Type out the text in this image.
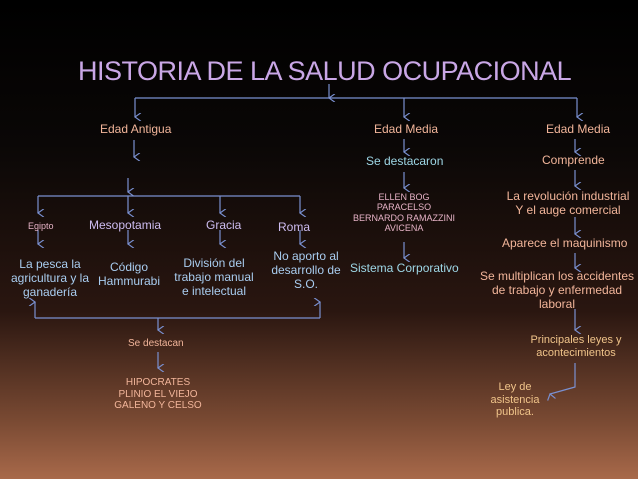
HISTORIA DE LA SALUD OCUPACIONAL
Edad Antigua	Edad Media	Edad Media
Egipto	Mesopotamia	Gracia	Roma
La pesca la
agricultura y la
ganadería
Código
Hammurabi
División del
trabajo manual
e intelectual
No aporto al
desarrollo de
S.O.
Se destacan
HIPOCRATES
PLINIO EL VIEJO
GALENO Y CELSO
Se destacaron
ELLEN BOG
PARACELSO
BERNARDO RAMAZZINI
AVICENA
Sistema Corporativo
Comprende
La revolución industrial
Y el auge comercial
Aparece el maquinismo
Se multiplican los accidentes
de trabajo y enfermedad
laboral
Principales leyes y
acontecimientos
Ley de
asistencia
publica.
